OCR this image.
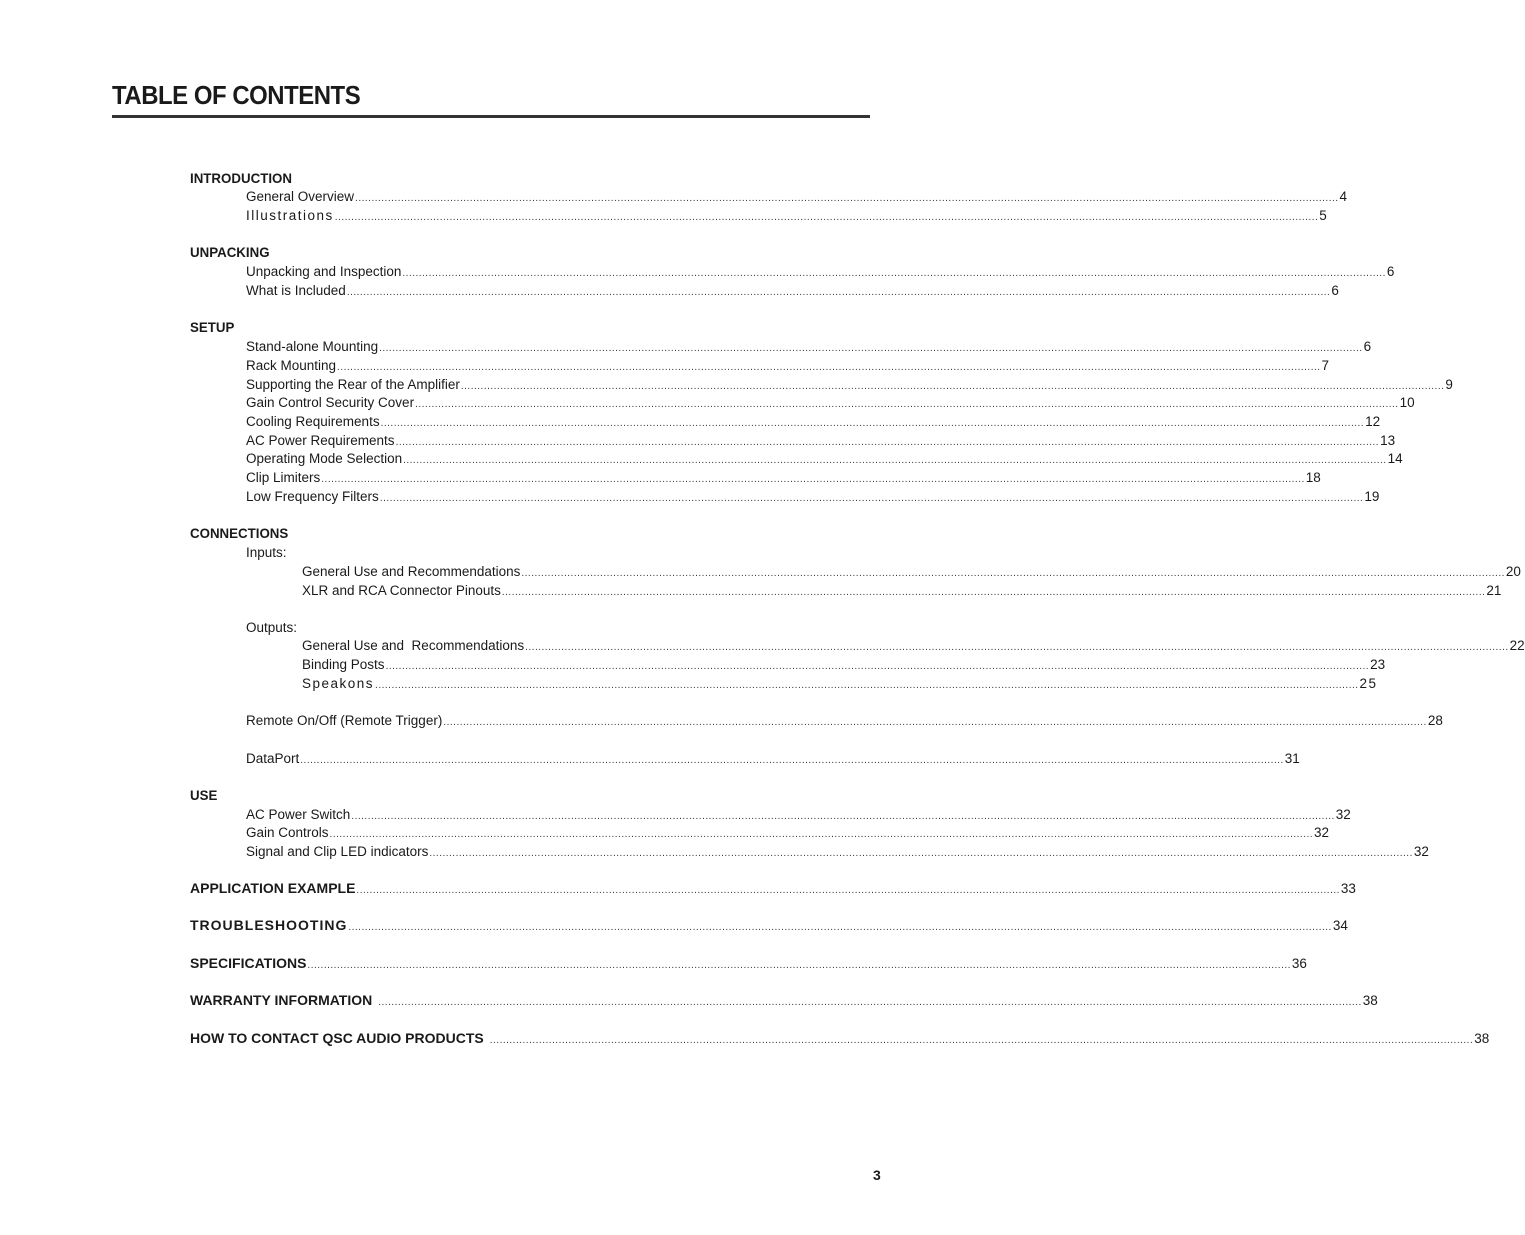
TABLE OF CONTENTS
INTRODUCTION
General Overview ............................................................................................................................................................................................................................................................................................................ 4
Illustrations ............................................................................................................................................................................................................................................................................................................ 5
UNPACKING
Unpacking and Inspection ............................................................................................................................................................................................................................................................................................................ 6
What is Included ............................................................................................................................................................................................................................................................................................................ 6
SETUP
Stand-alone Mounting ............................................................................................................................................................................................................................................................................................................ 6
Rack Mounting ............................................................................................................................................................................................................................................................................................................ 7
Supporting the Rear of the Amplifier ............................................................................................................................................................................................................................................................................................................ 9
Gain Control Security Cover ............................................................................................................................................................................................................................................................................................................ 10
Cooling Requirements ............................................................................................................................................................................................................................................................................................................ 12
AC Power Requirements ............................................................................................................................................................................................................................................................................................................ 13
Operating Mode Selection ............................................................................................................................................................................................................................................................................................................ 14
Clip Limiters ............................................................................................................................................................................................................................................................................................................ 18
Low Frequency Filters ............................................................................................................................................................................................................................................................................................................ 19
CONNECTIONS
Inputs:
General Use and Recommendations ............................................................................................................................................................................................................................................................................................................ 20
XLR and RCA Connector Pinouts ............................................................................................................................................................................................................................................................................................................ 21
Outputs:
General Use and  Recommendations ............................................................................................................................................................................................................................................................................................................ 22
Binding Posts ............................................................................................................................................................................................................................................................................................................ 23
Speakons ............................................................................................................................................................................................................................................................................................................ 25
Remote On/Off (Remote Trigger) ............................................................................................................................................................................................................................................................................................................ 28
DataPort ............................................................................................................................................................................................................................................................................................................ 31
USE
AC Power Switch ............................................................................................................................................................................................................................................................................................................ 32
Gain Controls ............................................................................................................................................................................................................................................................................................................ 32
Signal and Clip LED indicators ............................................................................................................................................................................................................................................................................................................ 32
APPLICATION EXAMPLE ............................................................................................................................................................................................................................................................................................................ 33
TROUBLESHOOTING ............................................................................................................................................................................................................................................................................................................ 34
SPECIFICATIONS ............................................................................................................................................................................................................................................................................................................ 36
WARRANTY INFORMATION ............................................................................................................................................................................................................................................................................................................ 38
HOW TO CONTACT QSC AUDIO PRODUCTS ............................................................................................................................................................................................................................................................................................................ 38
3
